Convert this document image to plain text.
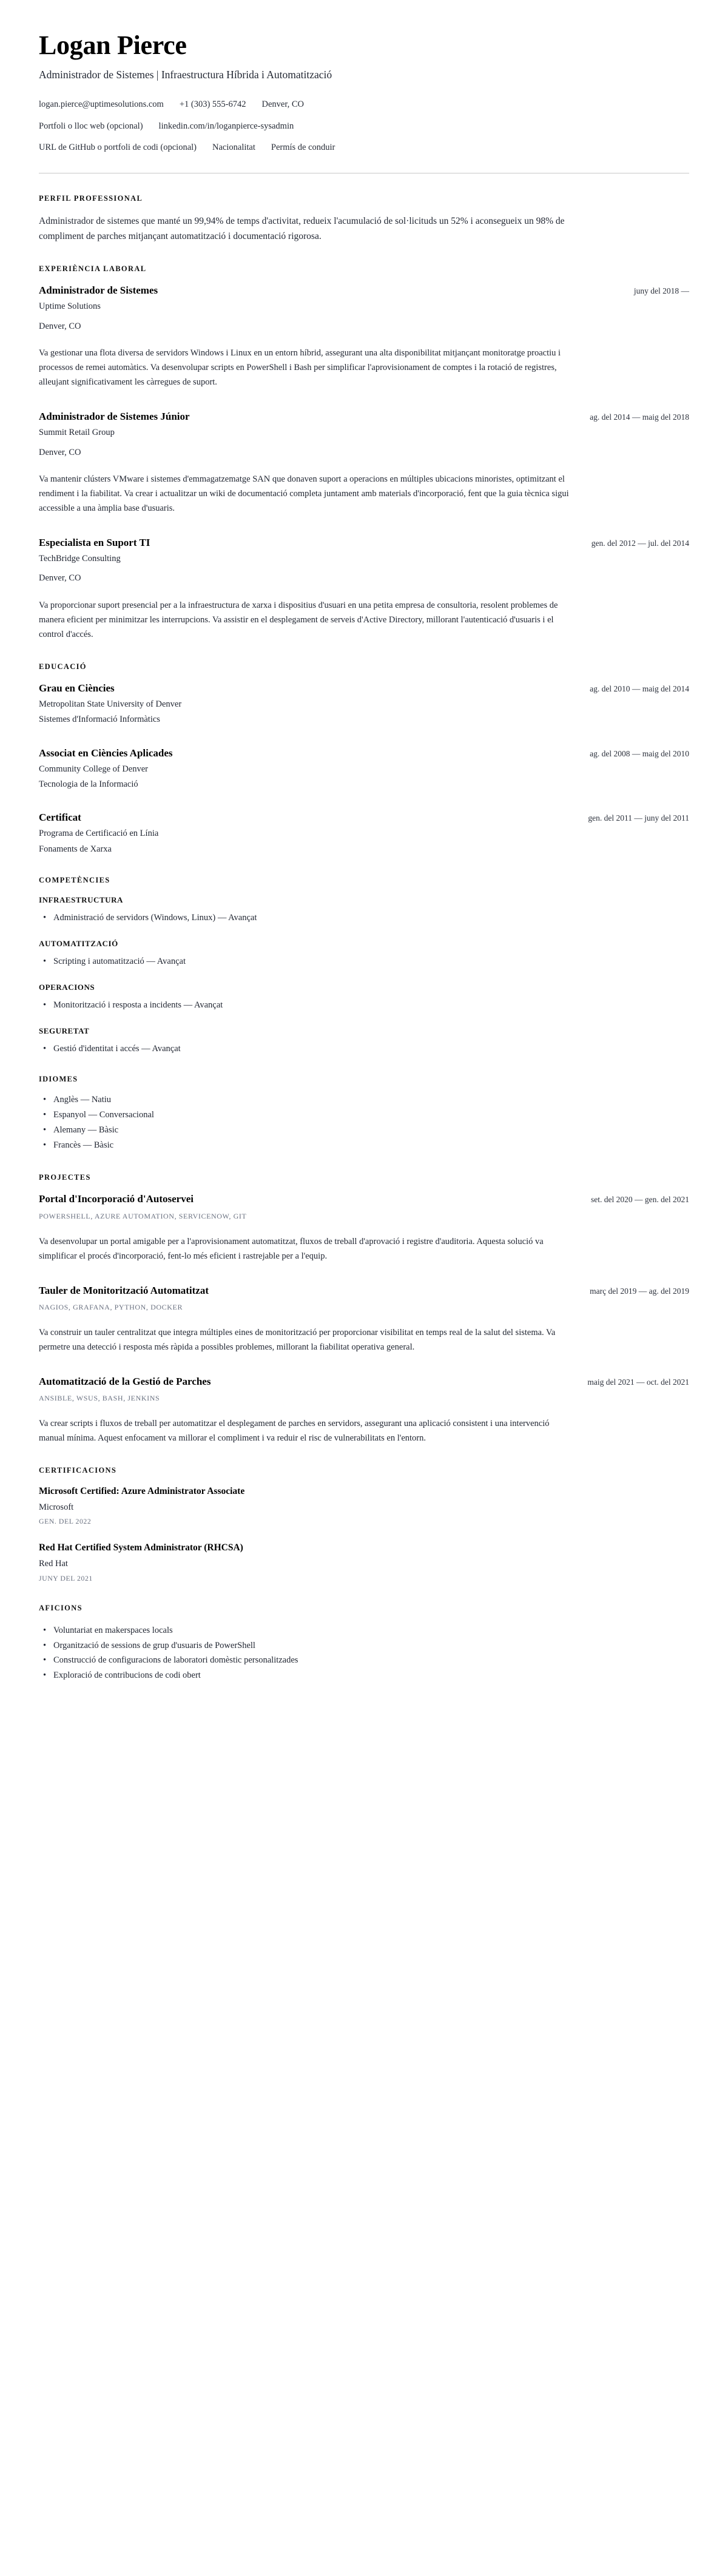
Logan Pierce
Administrador de Sistemes | Infraestructura Híbrida i Automatització
logan.pierce@uptimesolutions.com +1 (303) 555-6742 Denver, CO
Portfoli o lloc web (opcional) linkedin.com/in/loganpierce-sysadmin
URL de GitHub o portfoli de codi (opcional) Nacionalitat Permís de conduir
PERFIL PROFESSIONAL

Administrador de sistemes que manté un 99,94% de temps d'activitat, redueix l'acumulació de sol·licituds un 52% i aconsegueix un 98% de compliment de parches mitjançant automatització i documentació rigorosa.

EXPERIÈNCIA LABORAL
Administrador de Sistemes	juny del 2018 —
Uptime Solutions
Denver, CO

Va gestionar una flota diversa de servidors Windows i Linux en un entorn híbrid, assegurant una alta disponibilitat mitjançant monitoratge proactiu i processos de remei automàtics. Va desenvolupar scripts en PowerShell i Bash per simplificar l'aprovisionament de comptes i la rotació de registres, alleujant significativament les càrregues de suport.

Administrador de Sistemes Júnior	ag. del 2014 — maig del 2018
Summit Retail Group
Denver, CO

Va mantenir clústers VMware i sistemes d'emmagatzematge SAN que donaven suport a operacions en múltiples ubicacions minoristes, optimitzant el rendiment i la fiabilitat. Va crear i actualitzar un wiki de documentació completa juntament amb materials d'incorporació, fent que la guia tècnica sigui accessible a una àmplia base d'usuaris.

Especialista en Suport TI	gen. del 2012 — jul. del 2014
TechBridge Consulting
Denver, CO

Va proporcionar suport presencial per a la infraestructura de xarxa i dispositius d'usuari en una petita empresa de consultoria, resolent problemes de manera eficient per minimitzar les interrupcions. Va assistir en el desplegament de serveis d'Active Directory, millorant l'autenticació d'usuaris i el control d'accés.

EDUCACIÓ
Grau en Ciències	ag. del 2010 — maig del 2014
Metropolitan State University of Denver
Sistemes d'Informació Informàtics
Associat en Ciències Aplicades	ag. del 2008 — maig del 2010
Community College of Denver
Tecnologia de la Informació
Certificat	gen. del 2011 — juny del 2011
Programa de Certificació en Línia
Fonaments de Xarxa
COMPETÈNCIES
INFRAESTRUCTURA
• Administració de servidors (Windows, Linux) — Avançat
AUTOMATITZACIÓ
• Scripting i automatització — Avançat
OPERACIONS
• Monitorització i resposta a incidents — Avançat
SEGURETAT
• Gestió d'identitat i accés — Avançat
IDIOMES
• Anglès — Natiu
• Espanyol — Conversacional
• Alemany — Bàsic
• Francès — Bàsic
PROJECTES
Portal d'Incorporació d'Autoservei	set. del 2020 — gen. del 2021
POWERSHELL, AZURE AUTOMATION, SERVICENOW, GIT

Va desenvolupar un portal amigable per a l'aprovisionament automatitzat, fluxos de treball d'aprovació i registre d'auditoria. Aquesta solució va simplificar el procés d'incorporació, fent-lo més eficient i rastrejable per a l'equip.

Tauler de Monitorització Automatitzat	març del 2019 — ag. del 2019
NAGIOS, GRAFANA, PYTHON, DOCKER

Va construir un tauler centralitzat que integra múltiples eines de monitorització per proporcionar visibilitat en temps real de la salut del sistema. Va permetre una detecció i resposta més ràpida a possibles problemes, millorant la fiabilitat operativa general.

Automatització de la Gestió de Parches	maig del 2021 — oct. del 2021
ANSIBLE, WSUS, BASH, JENKINS

Va crear scripts i fluxos de treball per automatitzar el desplegament de parches en servidors, assegurant una aplicació consistent i una intervenció manual mínima. Aquest enfocament va millorar el compliment i va reduir el risc de vulnerabilitats en l'entorn.

CERTIFICACIONS
Microsoft Certified: Azure Administrator Associate
Microsoft
GEN. DEL 2022
Red Hat Certified System Administrator (RHCSA)
Red Hat
JUNY DEL 2021
AFICIONS
• Voluntariat en makerspaces locals
• Organització de sessions de grup d'usuaris de PowerShell
• Construcció de configuracions de laboratori domèstic personalitzades
• Exploració de contribucions de codi obert
